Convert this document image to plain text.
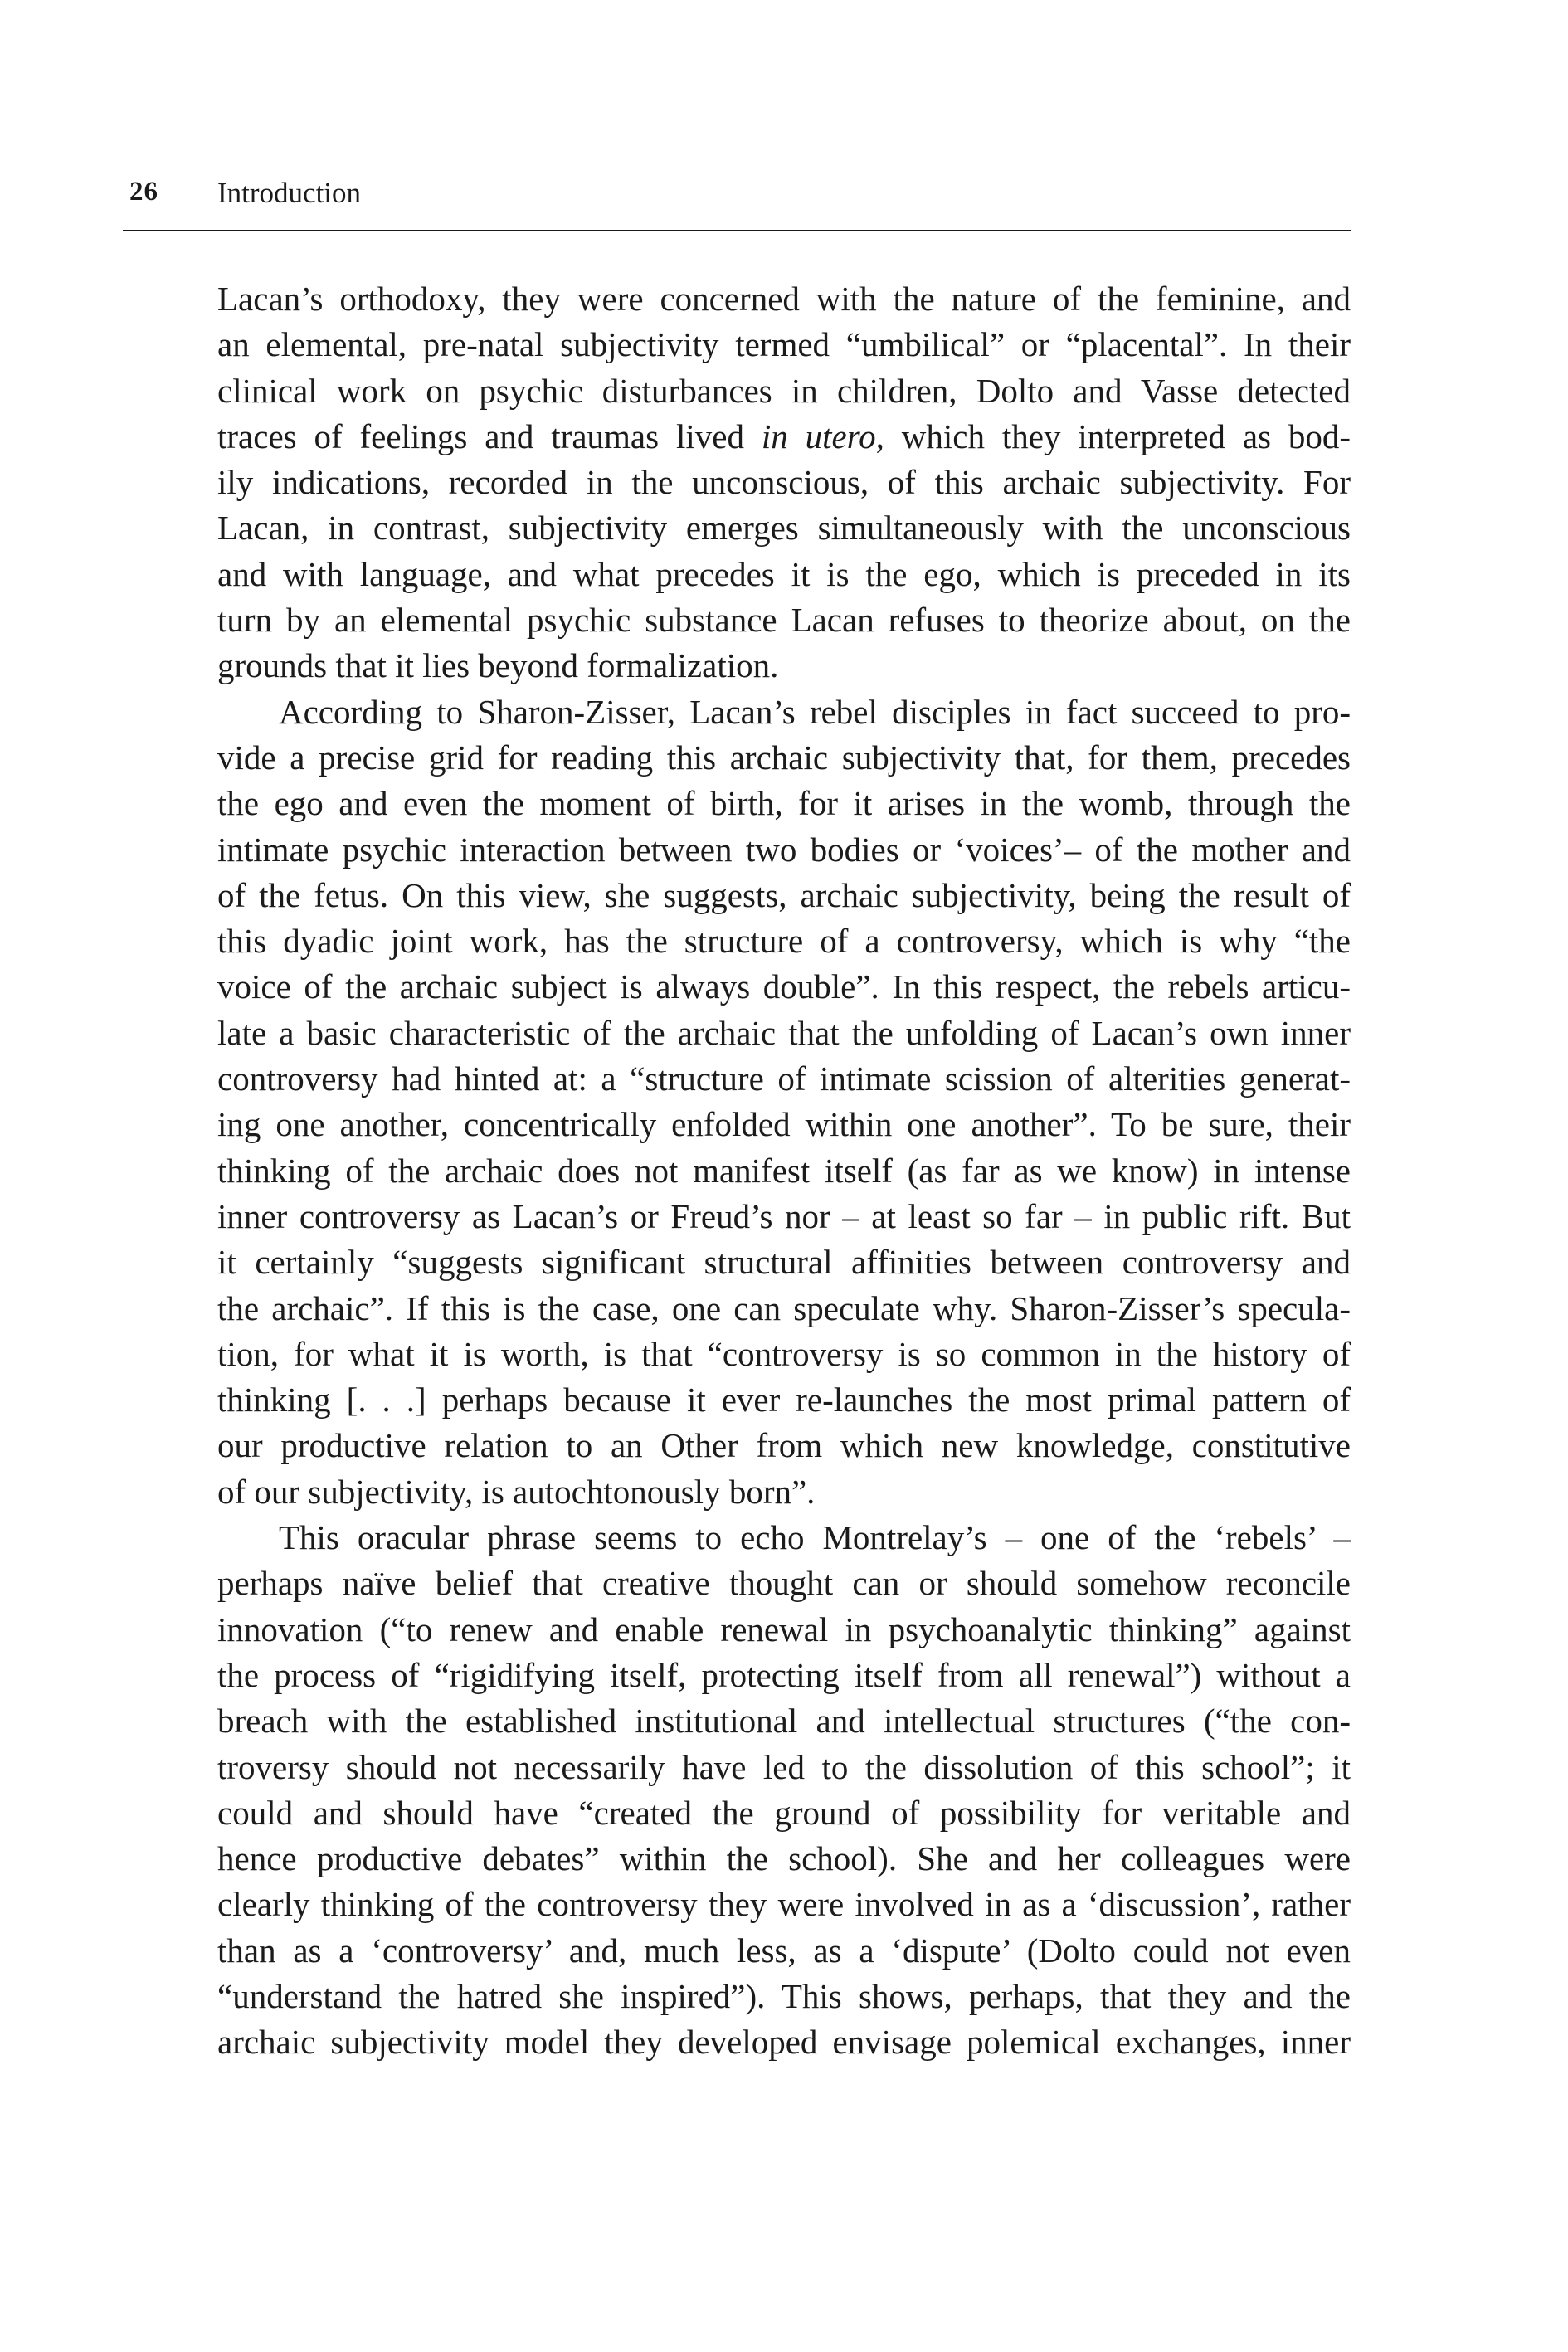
26 Introduction
Lacan’s orthodoxy, they were concerned with the nature of the feminine, and
an elemental, pre-natal subjectivity termed “umbilical” or “placental”. In their
clinical work on psychic disturbances in children, Dolto and Vasse detected
traces of feelings and traumas lived in utero, which they interpreted as bod-
ily indications, recorded in the unconscious, of this archaic subjectivity. For
Lacan, in contrast, subjectivity emerges simultaneously with the unconscious
and with language, and what precedes it is the ego, which is preceded in its
turn by an elemental psychic substance Lacan refuses to theorize about, on the
grounds that it lies beyond formalization.
According to Sharon-Zisser, Lacan’s rebel disciples in fact succeed to pro-
vide a precise grid for reading this archaic subjectivity that, for them, precedes
the ego and even the moment of birth, for it arises in the womb, through the
intimate psychic interaction between two bodies or ‘voices’– of the mother and
of the fetus. On this view, she suggests, archaic subjectivity, being the result of
this dyadic joint work, has the structure of a controversy, which is why “the
voice of the archaic subject is always double”. In this respect, the rebels articu-
late a basic characteristic of the archaic that the unfolding of Lacan’s own inner
controversy had hinted at: a “structure of intimate scission of alterities generat-
ing one another, concentrically enfolded within one another”. To be sure, their
thinking of the archaic does not manifest itself (as far as we know) in intense
inner controversy as Lacan’s or Freud’s nor – at least so far – in public rift. But
it certainly “suggests significant structural affinities between controversy and
the archaic”. If this is the case, one can speculate why. Sharon-Zisser’s specula-
tion, for what it is worth, is that “controversy is so common in the history of
thinking [. . .] perhaps because it ever re-launches the most primal pattern of
our productive relation to an Other from which new knowledge, constitutive
of our subjectivity, is autochtonously born”.
This oracular phrase seems to echo Montrelay’s – one of the ‘rebels’ –
perhaps naïve belief that creative thought can or should somehow reconcile
innovation (“to renew and enable renewal in psychoanalytic thinking” against
the process of “rigidifying itself, protecting itself from all renewal”) without a
breach with the established institutional and intellectual structures (“the con-
troversy should not necessarily have led to the dissolution of this school”; it
could and should have “created the ground of possibility for veritable and
hence productive debates” within the school). She and her colleagues were
clearly thinking of the controversy they were involved in as a ‘discussion’, rather
than as a ‘controversy’ and, much less, as a ‘dispute’ (Dolto could not even
“understand the hatred she inspired”). This shows, perhaps, that they and the
archaic subjectivity model they developed envisage polemical exchanges, inner
